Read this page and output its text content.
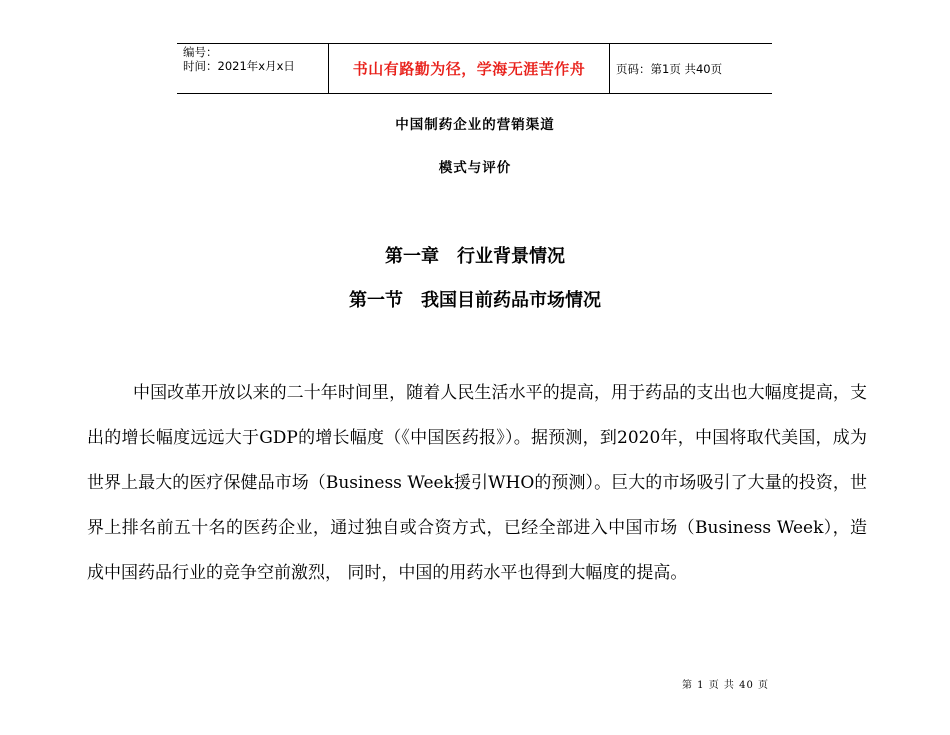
编号：
时间：2021年x月x日	书山有路勤为径，学海无涯苦作舟	页码：第1页 共40页
中国制药企业的营销渠道
模式与评价
第一章 行业背景情况
第一节 我国目前药品市场情况

中国改革开放以来的二十年时间里，随着人民生活水平的提高，用于药品的支出也大幅度提高，支出的增长幅度远远大于GDP的增长幅度（《中国医药报》）。据预测，到2020年，中国将取代美国，成为世界上最大的医疗保健品市场（Business Week援引WHO的预测）。巨大的市场吸引了大量的投资，世界上排名前五十名的医药企业，通过独自或合资方式，已经全部进入中国市场（Business Week），造成中国药品行业的竞争空前激烈， 同时，中国的用药水平也得到大幅度的提高。

第 1 页 共 40 页
